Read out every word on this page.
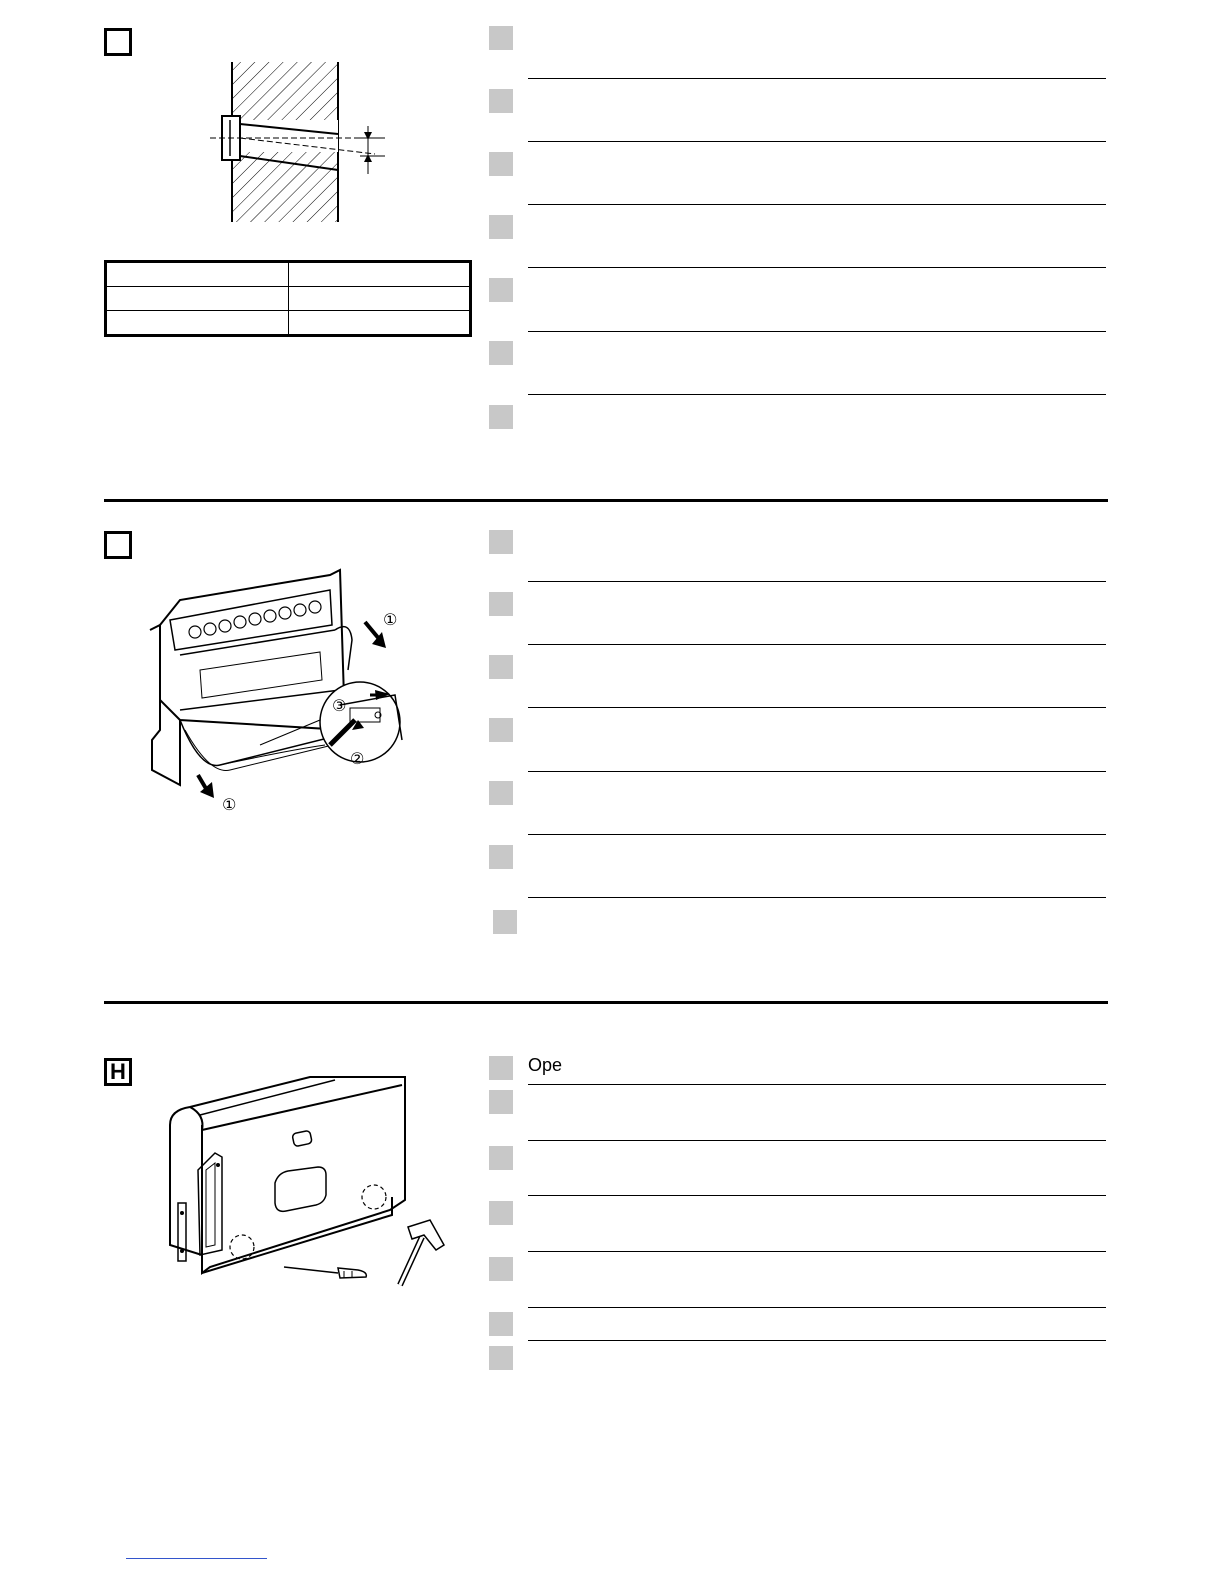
①
①
②
③
H	Ope
